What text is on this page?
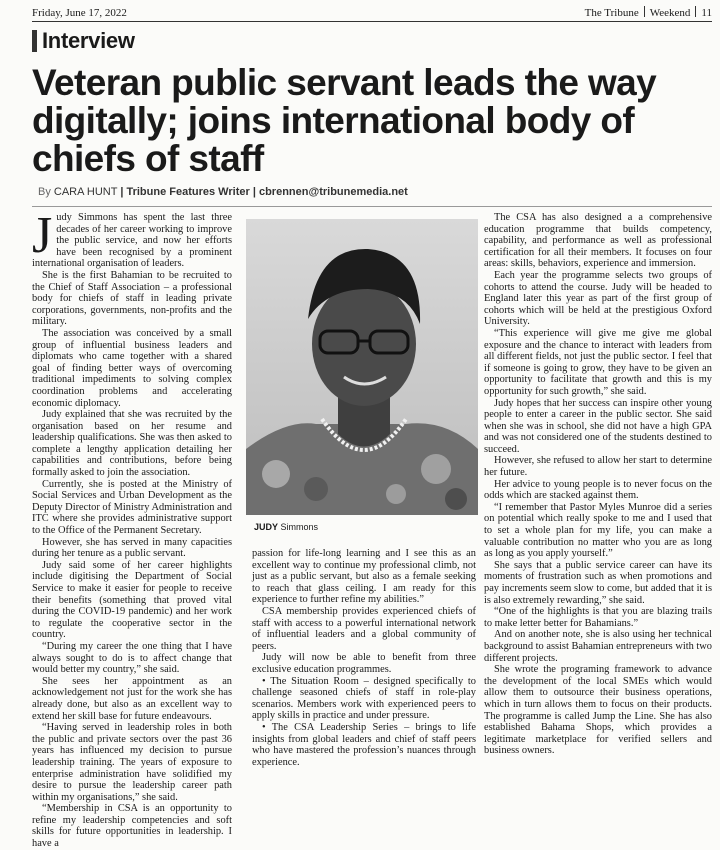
Friday, June 17, 2022	The Tribune Weekend 11
Interview
Veteran public servant leads the way digitally; joins international body of chiefs of staff
By CARA HUNT | Tribune Features Writer | cbrennen@tribunemedia.net
J udy Simmons has spent the last three decades of her career working to improve the public service, and now her efforts have been recognised by a prominent international organisation of leaders.

She is the first Bahamian to be recruited to the Chief of Staff Association – a professional body for chiefs of staff in leading private corporations, governments, non-profits and the military.

The association was conceived by a small group of influential business leaders and diplomats who came together with a shared goal of finding better ways of overcoming traditional impediments to solving complex coordination problems and accelerating economic diplomacy.

Judy explained that she was recruited by the organisation based on her resume and leadership qualifications. She was then asked to complete a lengthy application detailing her capabilities and contributions, before being formally asked to join the association.

Currently, she is posted at the Ministry of Social Services and Urban Development as the Deputy Director of Ministry Administration and ITC where she provides administrative support to the Office of the Permanent Secretary.

However, she has served in many capacities during her tenure as a public servant.

Judy said some of her career highlights include digitising the Department of Social Service to make it easier for people to receive their benefits (something that proved vital during the COVID-19 pandemic) and her work to regulate the cooperative sector in the country.

“During my career the one thing that I have always sought to do is to affect change that would better my country,” she said.

She sees her appointment as an acknowledgement not just for the work she has already done, but also as an excellent way to extend her skill base for future endeavours.

“Having served in leadership roles in both the public and private sectors over the past 36 years has influenced my decision to pursue leadership training. The years of exposure to enterprise administration have solidified my desire to pursue the leadership career path within my organisations,” she said.

“Membership in CSA is an opportunity to refine my leadership competencies and soft skills for future opportunities in leadership. I have a

JUDY Simmons

passion for life-long learning and I see this as an excellent way to continue my professional climb, not just as a public servant, but also as a female seeking to reach that glass ceiling. I am ready for this experience to further refine my abilities.”

CSA membership provides experienced chiefs of staff with access to a powerful international network of influential leaders and a global community of peers.

Judy will now be able to benefit from three exclusive education programmes.

• The Situation Room – designed specifically to challenge seasoned chiefs of staff in role-play scenarios. Members work with experienced peers to apply skills in practice and under pressure.

• The CSA Leadership Series – brings to life insights from global leaders and chief of staff peers who have mastered the profession’s nuances through experience.

The CSA has also designed a a comprehensive education programme that builds competency, capability, and performance as well as professional certification for all their members. It focuses on four areas: skills, behaviors, experience and immersion.

Each year the programme selects two groups of cohorts to attend the course. Judy will be headed to England later this year as part of the first group of cohorts which will be held at the prestigious Oxford University.

“This experience will give me give me global exposure and the chance to interact with leaders from all different fields, not just the public sector. I feel that if someone is going to grow, they have to be given an opportunity to facilitate that growth and this is my opportunity for such growth,” she said.

Judy hopes that her success can inspire other young people to enter a career in the public sector. She said when she was in school, she did not have a high GPA and was not considered one of the students destined to succeed.

However, she refused to allow her start to determine her future.

Her advice to young people is to never focus on the odds which are stacked against them.

“I remember that Pastor Myles Munroe did a series on potential which really spoke to me and I used that to set a whole plan for my life, you can make a valuable contribution no matter who you are as long as long as you apply yourself.”

She says that a public service career can have its moments of frustration such as when promotions and pay increments seem slow to come, but added that it is is also extremely rewarding,” she said.

“One of the highlights is that you are blazing trails to make letter better for Bahamians.”

And on another note, she is also using her technical background to assist Bahamian entrepreneurs with two different projects.

She wrote the programing framework to advance the development of the local SMEs which would allow them to outsource their business operations, which in turn allows them to focus on their products. The programme is called Jump the Line. She has also established Bahama Shops, which provides a legitimate marketplace for verified sellers and business owners.
